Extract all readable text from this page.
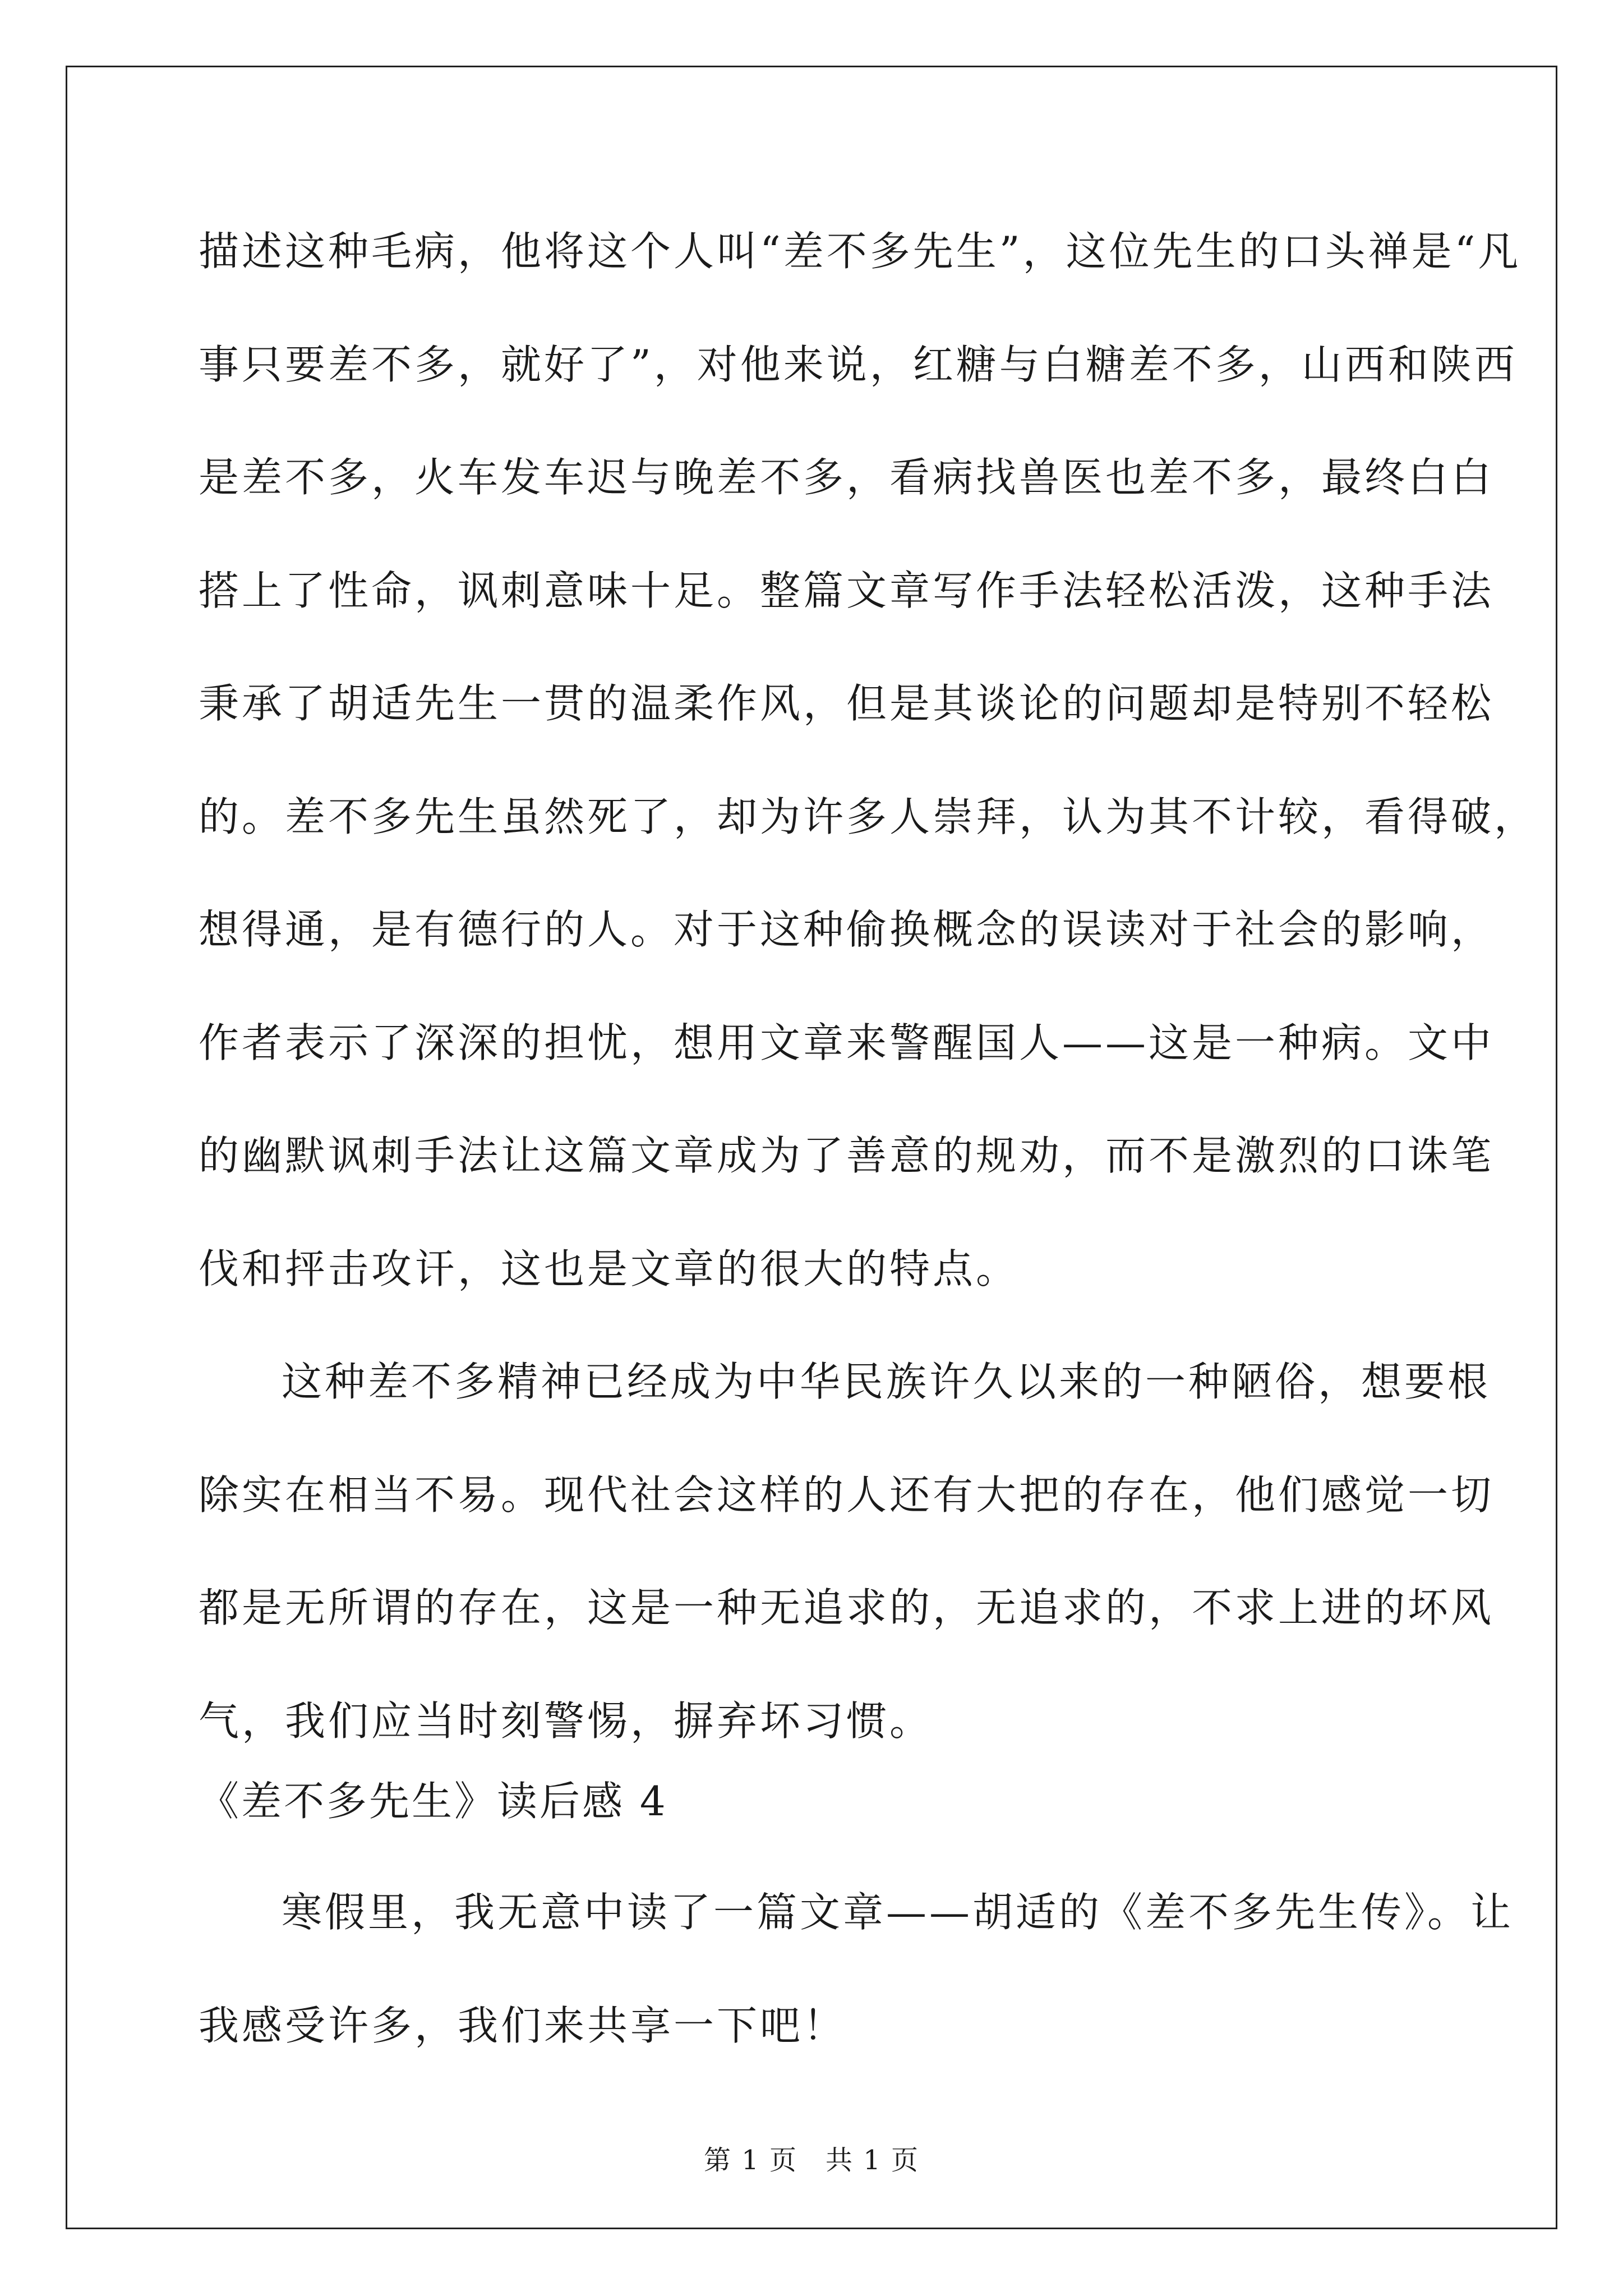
描述这种毛病，他将这个人叫“差不多先生”，这位先生的口头禅是“凡
事只要差不多，就好了”，对他来说，红糖与白糖差不多，山西和陕西
是差不多，火车发车迟与晚差不多，看病找兽医也差不多，最终白白
搭上了性命，讽刺意味十足。整篇文章写作手法轻松活泼，这种手法
秉承了胡适先生一贯的温柔作风，但是其谈论的问题却是特别不轻松
的。差不多先生虽然死了，却为许多人崇拜，认为其不计较，看得破，
想得通，是有德行的人。对于这种偷换概念的误读对于社会的影响，
作者表示了深深的担忧，想用文章来警醒国人——这是一种病。文中
的幽默讽刺手法让这篇文章成为了善意的规劝，而不是激烈的口诛笔
伐和抨击攻讦，这也是文章的很大的特点。
这种差不多精神已经成为中华民族许久以来的一种陋俗，想要根
除实在相当不易。现代社会这样的人还有大把的存在，他们感觉一切
都是无所谓的存在，这是一种无追求的，无追求的，不求上进的坏风
气，我们应当时刻警惕，摒弃坏习惯。
《差不多先生》读后感 4
寒假里，我无意中读了一篇文章——胡适的《差不多先生传》。让
我感受许多，我们来共享一下吧！
第 1 页　共 1 页
